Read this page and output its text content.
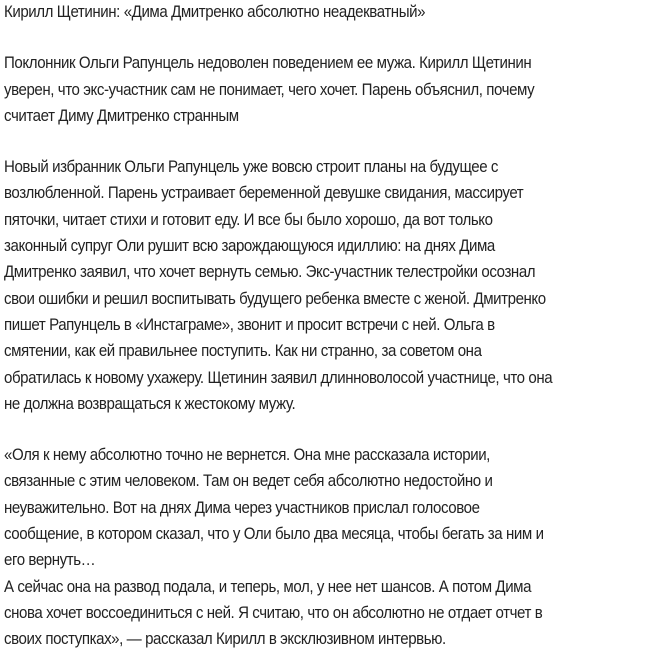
Кирилл Щетинин: «Дима Дмитренко абсолютно неадекватный»
Поклонник Ольги Рапунцель недоволен поведением ее мужа. Кирилл Щетинин
уверен, что экс-участник сам не понимает, чего хочет. Парень объяснил, почему
считает Диму Дмитренко странным
Новый избранник Ольги Рапунцель уже вовсю строит планы на будущее с
возлюбленной. Парень устраивает беременной девушке свидания, массирует
пяточки, читает стихи и готовит еду. И все бы было хорошо, да вот только
законный супруг Оли рушит всю зарождающуюся идиллию: на днях Дима
Дмитренко заявил, что хочет вернуть семью. Экс-участник телестройки осознал
свои ошибки и решил воспитывать будущего ребенка вместе с женой. Дмитренко
пишет Рапунцель в «Инстаграме», звонит и просит встречи с ней. Ольга в
смятении, как ей правильнее поступить. Как ни странно, за советом она
обратилась к новому ухажеру. Щетинин заявил длинноволосой участнице, что она
не должна возвращаться к жестокому мужу.
«Оля к нему абсолютно точно не вернется. Она мне рассказала истории,
связанные с этим человеком. Там он ведет себя абсолютно недостойно и
неуважительно. Вот на днях Дима через участников прислал голосовое
сообщение, в котором сказал, что у Оли было два месяца, чтобы бегать за ним и
его вернуть…
А сейчас она на развод подала, и теперь, мол, у нее нет шансов. А потом Дима
снова хочет воссоединиться с ней. Я считаю, что он абсолютно не отдает отчет в
своих поступках», — рассказал Кирилл в эксклюзивном интервью.
